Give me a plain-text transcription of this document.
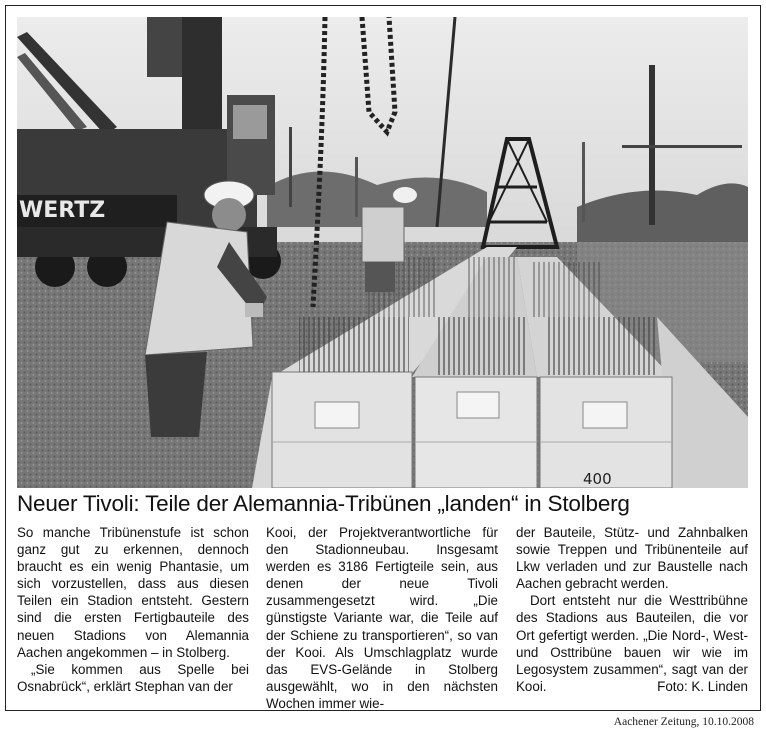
WERTZ
400
Neuer Tivoli: Teile der Alemannia-Tribünen „landen“ in Stolberg

So manche Tribünenstufe ist schon ganz gut zu erkennen, dennoch braucht es ein wenig Phantasie, um sich vorzustellen, dass aus diesen Teilen ein Stadion entsteht. Gestern sind die ersten Fertigbauteile des neuen Stadions von Alemannia Aachen angekommen – in Stolberg.

„Sie kommen aus Spelle bei Osnabrück“, erklärt Stephan van der

Kooi, der Projektverantwortliche für den Stadionneubau. Insgesamt werden es 3186 Fertigteile sein, aus denen der neue Tivoli zusammengesetzt wird. „Die günstigste Variante war, die Teile auf der Schiene zu transportieren“, so van der Kooi. Als Umschlagplatz wurde das EVS-Gelände in Stolberg ausgewählt, wo in den nächsten Wochen immer wie-

der Bauteile, Stütz- und Zahnbalken sowie Treppen und Tribünenteile auf Lkw verladen und zur Baustelle nach Aachen gebracht werden.

Dort entsteht nur die Westtribühne des Stadions aus Bauteilen, die vor Ort gefertigt werden. „Die Nord-, West- und Osttribüne bauen wir wie im Legosystem zusammen“, sagt van der Kooi.	Foto: K. Linden

Aachener Zeitung, 10.10.2008
